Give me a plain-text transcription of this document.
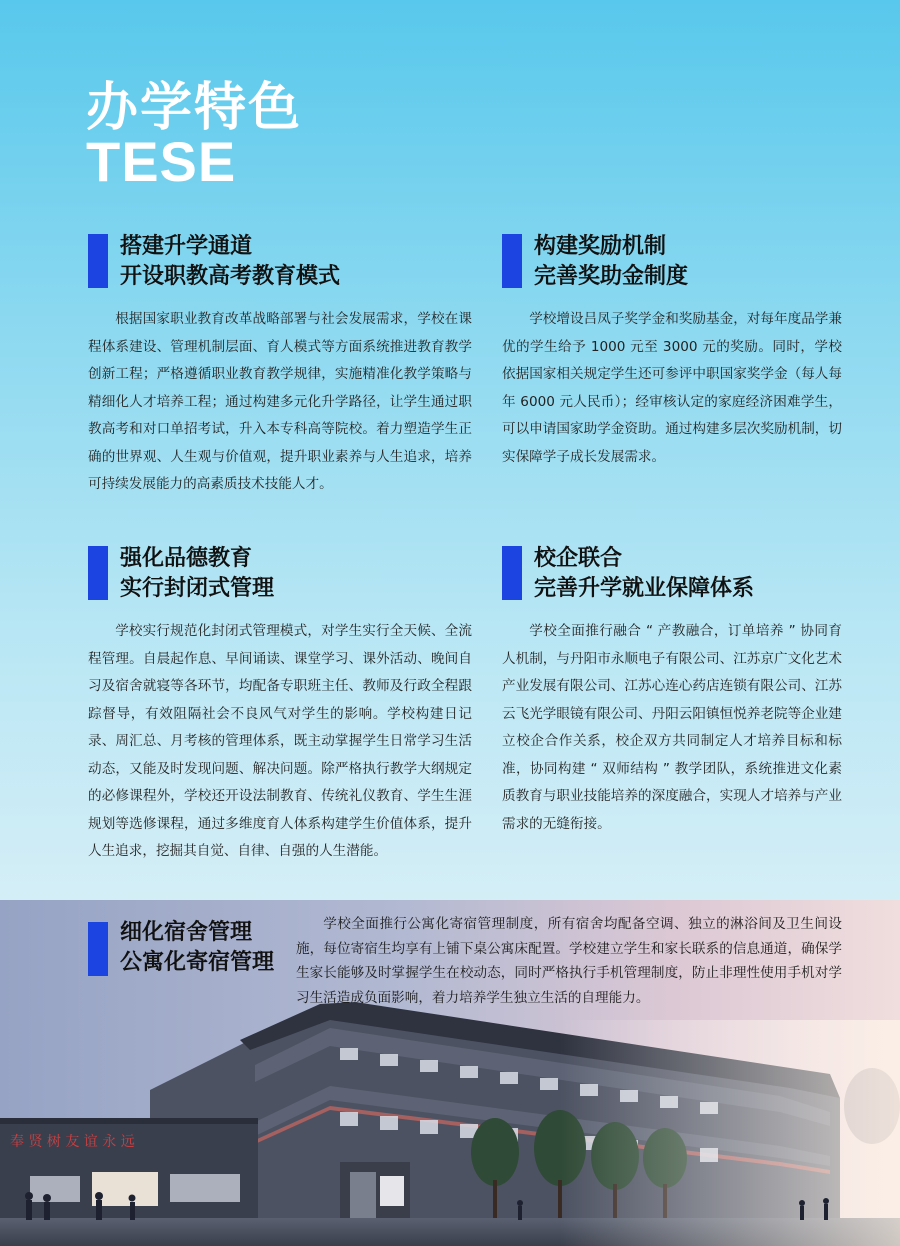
办学特色
TESE
搭建升学通道
开设职教高考教育模式
根据国家职业教育改革战略部署与社会发展需求，学校在课程体系建设、管理机制层面、育人模式等方面系统推进教育教学创新工程；严格遵循职业教育教学规律，实施精准化教学策略与精细化人才培养工程；通过构建多元化升学路径，让学生通过职教高考和对口单招考试，升入本专科高等院校。着力塑造学生正确的世界观、人生观与价值观，提升职业素养与人生追求，培养可持续发展能力的高素质技术技能人才。
构建奖励机制
完善奖助金制度
学校增设吕凤子奖学金和奖励基金，对每年度品学兼优的学生给予 1000 元至 3000 元的奖励。同时，学校依据国家相关规定学生还可参评中职国家奖学金（每人每年 6000 元人民币）；经审核认定的家庭经济困难学生，可以申请国家助学金资助。通过构建多层次奖励机制，切实保障学子成长发展需求。
强化品德教育
实行封闭式管理
学校实行规范化封闭式管理模式，对学生实行全天候、全流程管理。自晨起作息、早间诵读、课堂学习、课外活动、晚间自习及宿舍就寝等各环节，均配备专职班主任、教师及行政全程跟踪督导，有效阻隔社会不良风气对学生的影响。学校构建日记录、周汇总、月考核的管理体系，既主动掌握学生日常学习生活动态，又能及时发现问题、解决问题。除严格执行教学大纲规定的必修课程外，学校还开设法制教育、传统礼仪教育、学生生涯规划等选修课程，通过多维度育人体系构建学生价值体系，提升人生追求，挖掘其自觉、自律、自强的人生潜能。
校企联合
完善升学就业保障体系
学校全面推行融合 “ 产教融合，订单培养 ” 协同育人机制，与丹阳市永顺电子有限公司、江苏京广文化艺术产业发展有限公司、江苏心连心药店连锁有限公司、江苏云飞光学眼镜有限公司、丹阳云阳镇恒悦养老院等企业建立校企合作关系，校企双方共同制定人才培养目标和标准，协同构建 “ 双师结构 ” 教学团队，系统推进文化素质教育与职业技能培养的深度融合，实现人才培养与产业需求的无缝衔接。
奉 贤 树 友 谊 永 远
细化宿舍管理
公寓化寄宿管理
学校全面推行公寓化寄宿管理制度，所有宿舍均配备空调、独立的淋浴间及卫生间设施，每位寄宿生均享有上铺下桌公寓床配置。学校建立学生和家长联系的信息通道，确保学生家长能够及时掌握学生在校动态，同时严格执行手机管理制度，防止非理性使用手机对学习生活造成负面影响，着力培养学生独立生活的自理能力。
